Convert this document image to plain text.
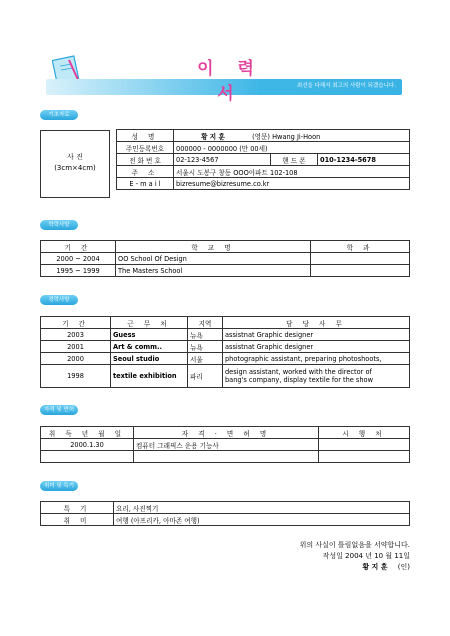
이 력 서	최선을 다해서 최고의 사람이 되겠습니다.
기초자료
사 진
(3cm×4cm)
성 명	황 지 훈 (영문) Hwang Ji-Hoon		
주민등록번호	000000 - 0000000 (만 00세)		
전 화 번 호	02-123-4567	핸 드 폰	010-1234-5678
주 소	서울시 도봉구 창동 OOO아파트 102-108		
E - m a i l	bizresume@bizresume.co.kr		
학력사항
기 간	학 교 명	학 과
2000 ~ 2004	OO School Of Design	
1995 ~ 1999	The Masters School	
경력사항
기 간	근 무 처	지역	담 당 사 무
2003	Guess	뉴욕	assistnat Graphic designer
2001	Art & comm..	뉴욕	assistnat Graphic designer
2000	Seoul studio	서울	photographic assistant, preparing photoshoots,
1998	textile exhibition	파리	design assistant, worked with the director of
bang's company, display textile for the show
자격 및 면허
취 득 년 월 일	자 격 · 면 허 명	시 행 처
2000.1.30	컴퓨터 그래픽스 운용 기능사	

취미 및 특기
특 기	요리, 사진찍기
취 미	여행 (아프리카, 아마존 여행)
위의 사실이 틀림없음을 서약합니다.
작성일 2004 년 10 월 11일
황 지 훈 (인)
